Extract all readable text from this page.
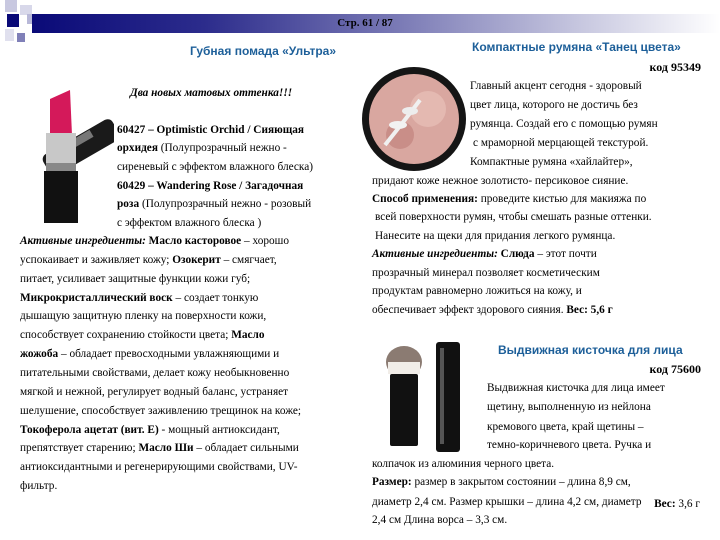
Стр. 61 / 87
Губная помада «Ультра»
Два новых матовых оттенка!!!
60427 – Optimistic Orchid / Сияющая
орхидея (Полупрозрачный нежно -
сиреневый с эффектом влажного блеска)
60429 – Wandering Rose / Загадочная
роза (Полупрозрачный нежно - розовый
с эффектом влажного блеска )
Активные ингредиенты: Масло касторовое – хорошо
успокаивает и заживляет кожу; Озокерит – смягчает,
питает, усиливает защитные функции кожи губ;
Микрокристаллический воск – создает тонкую
дышащую защитную пленку на поверхности кожи,
способствует сохранению стойкости цвета; Масло
жожоба – обладает превосходными увлажняющими и
питательными свойствами, делает кожу необыкновенно
мягкой и нежной, регулирует водный баланс, устраняет
шелушение, способствует заживлению трещинок на коже;
Токоферола ацетат (вит. Е) - мощный антиоксидант,
препятствует старению; Масло Ши – обладает сильными
антиоксидантными и регенерирующими свойствами, UV-
фильтр.
Вес: 3,6 г
Компактные румяна «Танец цвета»
код 95349
Главный акцент сегодня - здоровый
цвет лица, которого не достичь без
румянца. Создай его с помощью румян
с мраморной мерцающей текстурой.
Компактные румяна «хайлайтер»,
придают коже нежное золотисто- персиковое сияние.
Способ применения: проведите кистью для макияжа по
всей поверхности румян, чтобы смешать разные оттенки.
Нанесите на щеки для придания легкого румянца.
Активные ингредиенты: Слюда – этот почти
прозрачный минерал позволяет косметическим
продуктам равномерно ложиться на кожу, и
обеспечивает эффект здорового сияния. Вес: 5,6 г
Выдвижная кисточка для лица
код 75600
Выдвижная кисточка для лица имеет
щетину, выполненную из нейлона
кремового цвета, край щетины –
темно-коричневого цвета. Ручка и
колпачок из алюминия черного цвета.
Размер: размер в закрытом состоянии – длина 8,9 см,
диаметр 2,4 см. Размер крышки – длина 4,2 см, диаметр
2,4 см Длина ворса – 3,3 см.
